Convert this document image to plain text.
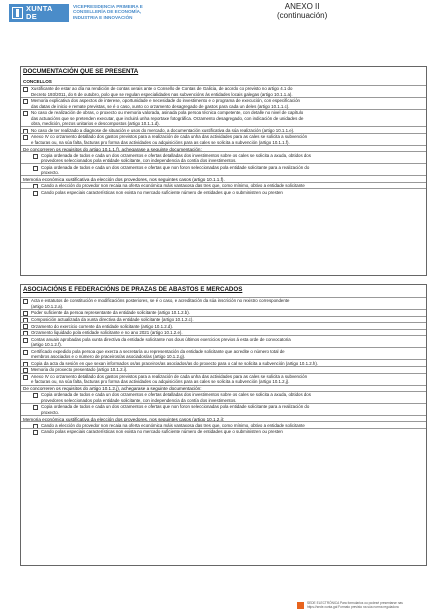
XUNTA
DE GALICIA
VICEPRESIDENCIA PRIMEIRA E
CONSELLERÍA DE ECONOMÍA,
INDUSTRIA E INNOVACIÓN
ANEXO II
(continuación)
DOCUMENTACIÓN QUE SE PRESENTA
CONCELLOS
Xustificante de estar ao día na rendición de contas xerais ante o Consello de Contas de Galicia, de acordo co previsto no artigo 4.1 do
Decreto 193/2011, do 6 de outubro, polo que se regulan especialidades nas subvencións ás entidades locais galegas (artigo 10.1.1.a).
Memoria explicativa dos aspectos de interese, oportunidade e necesidade do investimento e o programa de execución, con especificación
das datas de inicio e remate previstas, se é o caso, xunto co orzamento desagregado de gastos para cada un deles (artigo 10.1.1.c).
No caso de realización de obras, o proxecto ou memoria valorada, asinada pola persoa técnica competente, con detalle no nivel de capítulo
das actuacións que se pretenden executar, que incluirá unha reportaxe fotográfica. Orzamento desagregado, con indicación de unidades de
obra, medición, prezos unitarios e descompostos (artigo 10.1.1.d).
No caso de ter realizado a diagnose de situación e usos do mercado, a documentación xustificativa da súa realización (artigo 10.1.1.e).
Anexo IV co orzamento detallado dos gastos previstos para a realización de cada unha das actividades para as cales se solicita a subvención
e facturas ou, na súa falta, facturas pro forma das actividades ou adquisicións para as cales se solicita a subvención (artigo 10.1.1.f).
De concorreren os requisitos do artigo 10.1.1.f), achegarase a seguinte documentación:
Copia ordenada de todos e cada un dos orzamentos e ofertas detalladas dos investimentos sobre os cales se solicita a axuda, obtidos dos
provedores seleccionados pola entidade solicitante, con independencia da contía dos investimentos.
Copia ordenada de todos e cada un dos orzamentos e ofertas que non foron seleccionadas pola entidade solicitante para a realización do
proxecto.
Memoria económica xustificativa da elección dos provedores, nos seguintes casos (artigo 10.1.1.f).
Cando a elección do provedor non recaia na oferta económica máis vantaxosa das tres que, como mínimo, obtivo a entidade solicitante
Cando polas especiais características non exista no mercado suficiente número de entidades que o subministren ou presten
ASOCIACIÓNS E FEDERACIÓNS DE PRAZAS DE ABASTOS E MERCADOS
Acta e estatutos de constitución e modificacións posteriores, se é o caso, e acreditación da súa inscrición no rexistro correspondente
(artigo 10.1.2.a).
Poder suficiente da persoa representante da entidade solicitante (artigo 10.1.2.b).
Composición actualizada da xunta directiva da entidade solicitante (artigo 10.1.2.c).
Orzamento do exercicio corrente da entidade solicitante (artigo 10.1.2.d).
Orzamento liquidado pola entidade solicitante e no ano 2021 (artigo 10.1.2.e).
Contas anuais aprobadas pola xunta directiva da entidade solicitante nos dous últimos exercicios previos á esta orde de convocatoria
(artigo 10.1.2.f).
Certificado expedido pola persoa que exerza a secretaría ou representación da entidade solicitante que acredite o número total de
membros asociados e o número de praceiros/as asociados/as (artigo 10.1.2.g).
Copia da acta da sesión en que sexan informados os/as praceiros/as asociados/as do proxecto para o cal se solicita a subvención (artigo 10.1.2.h).
Memoria do proxecto presentado (artigo 10.1.2.i).
Anexo IV co orzamento detallado dos gastos previstos para a realización de cada unha das actividades para as cales se solicita a subvención
e facturas ou, na súa falta, facturas pro forma das actividades ou adquisicións para as cales se solicita a subvención (artigo 10.1.2.j).
De concorreren os requisitos do artigo 10.1.2.j), achegarase a seguinte documentación:
Copia ordenada de todos e cada un dos orzamentos e ofertas detalladas dos investimentos sobre os cales se solicita a axuda, obtidos dos
provedores seleccionados pola entidade solicitante, con independencia da contía dos investimentos.
Copia ordenada de todos e cada un dos orzamentos e ofertas que non foron seleccionadas pola entidade solicitante para a realización do
proxecto.
Memoria económica xustificativa da elección dos provedores, nos seguintes casos (artigo 10.1.2.j):
Cando a elección do provedor non recaia na oferta económica máis vantaxosa das tres que, como mínimo, obtivo a entidade solicitante
Cando polas especiais características non exista no mercado suficiente número de entidades que o subministren ou presten
SEDE ELECTRÓNICA Para formularios ou podesé presentarse nas
https://sede.xunta.gal Formato previsto na súa norma reguladora
